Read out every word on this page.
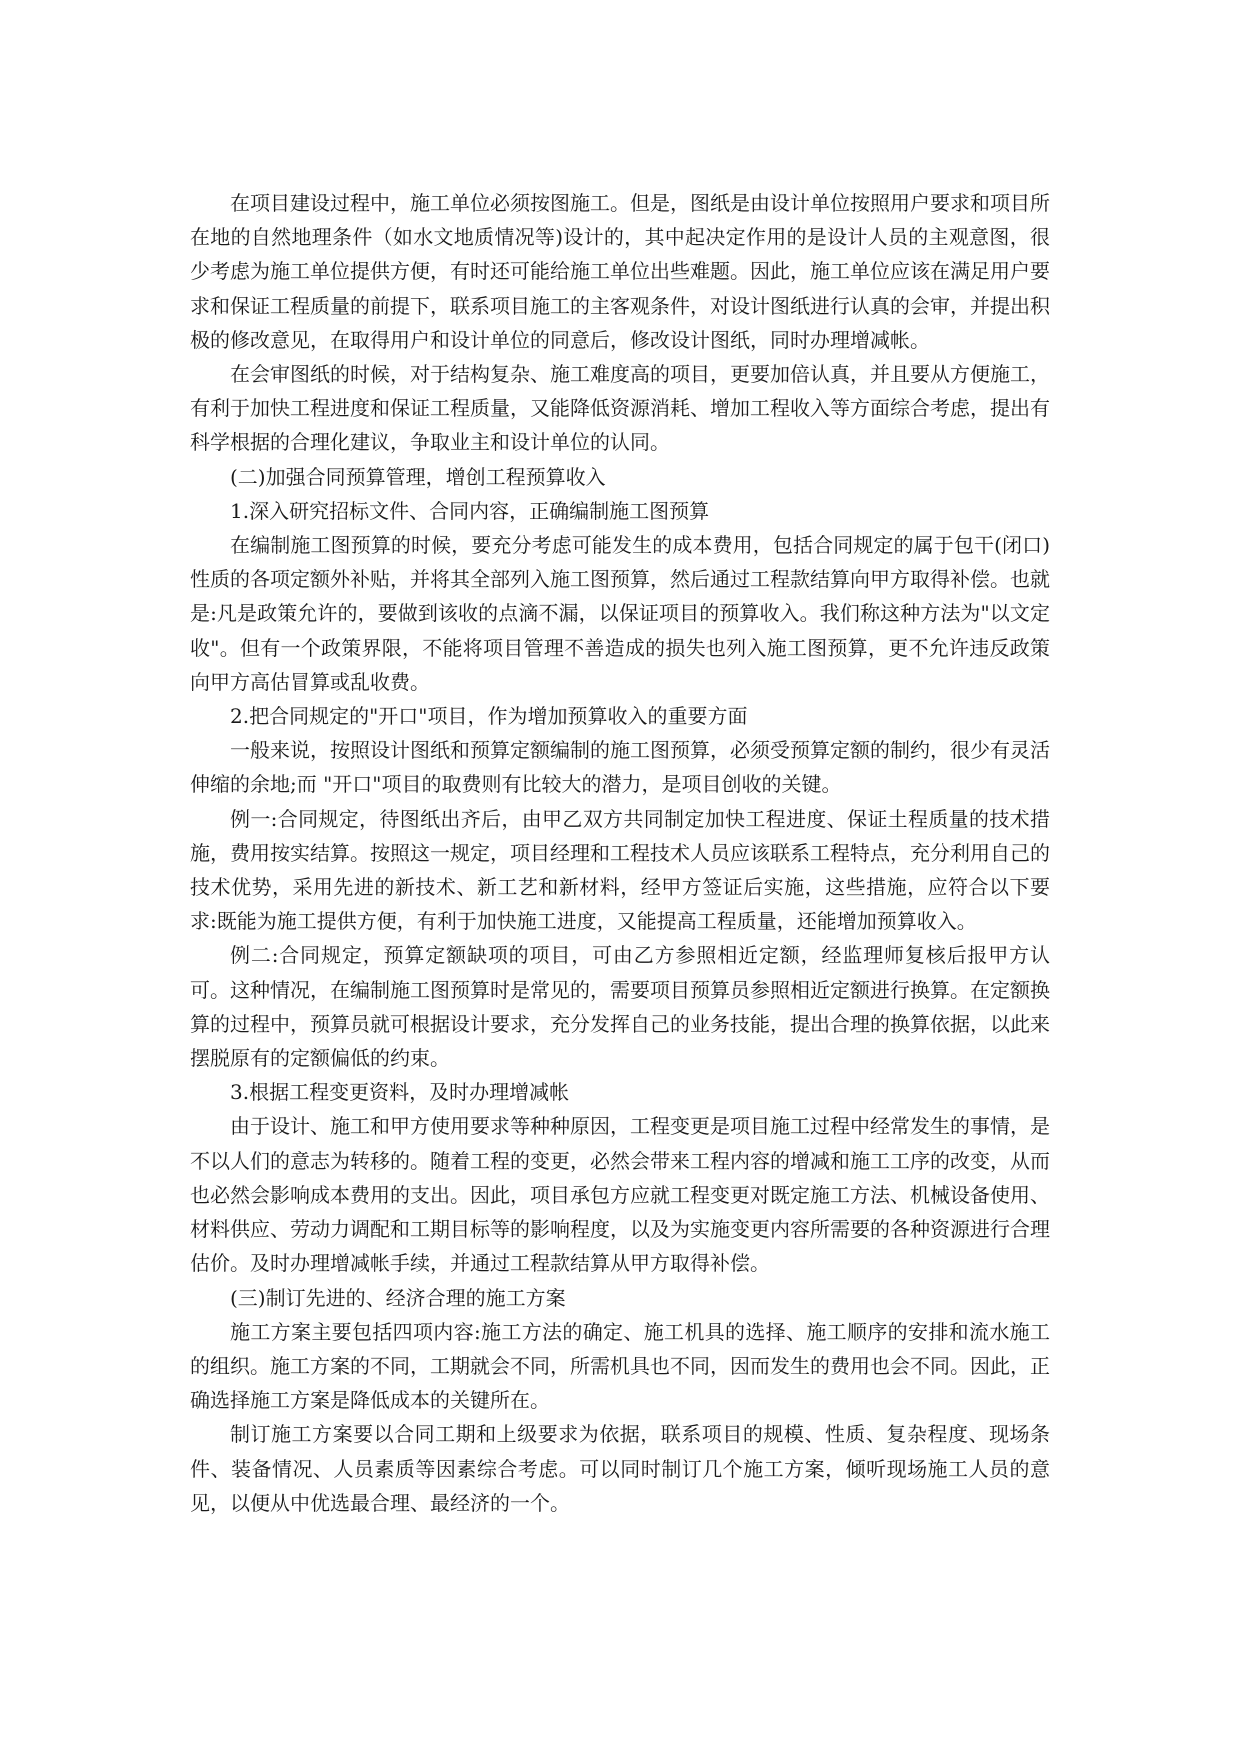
在项目建设过程中，施工单位必须按图施工。但是，图纸是由设计单位按照用户要求和项目所在地的自然地理条件（如水文地质情况等)设计的，其中起决定作用的是设计人员的主观意图，很少考虑为施工单位提供方便，有时还可能给施工单位出些难题。因此，施工单位应该在满足用户要求和保证工程质量的前提下，联系项目施工的主客观条件，对设计图纸进行认真的会审，并提出积极的修改意见，在取得用户和设计单位的同意后，修改设计图纸，同时办理增减帐。

在会审图纸的时候，对于结构复杂、施工难度高的项目，更要加倍认真，并且要从方便施工，有利于加快工程进度和保证工程质量，又能降低资源消耗、增加工程收入等方面综合考虑，提出有科学根据的合理化建议，争取业主和设计单位的认同。

(二)加强合同预算管理，增创工程预算收入

1.深入研究招标文件、合同内容，正确编制施工图预算

在编制施工图预算的时候，要充分考虑可能发生的成本费用，包括合同规定的属于包干(闭口)性质的各项定额外补贴，并将其全部列入施工图预算，然后通过工程款结算向甲方取得补偿。也就是:凡是政策允许的，要做到该收的点滴不漏，以保证项目的预算收入。我们称这种方法为"以文定收"。但有一个政策界限，不能将项目管理不善造成的损失也列入施工图预算，更不允许违反政策向甲方高估冒算或乱收费。

2.把合同规定的"开口"项目，作为增加预算收入的重要方面

一般来说，按照设计图纸和预算定额编制的施工图预算，必须受预算定额的制约，很少有灵活伸缩的余地;而 "开口"项目的取费则有比较大的潜力，是项目创收的关键。

例一:合同规定，待图纸出齐后，由甲乙双方共同制定加快工程进度、保证土程质量的技术措施，费用按实结算。按照这一规定，项目经理和工程技术人员应该联系工程特点，充分利用自己的技术优势，采用先进的新技术、新工艺和新材料，经甲方签证后实施，这些措施，应符合以下要求:既能为施工提供方便，有利于加快施工进度，又能提高工程质量，还能增加预算收入。

例二:合同规定，预算定额缺项的项目，可由乙方参照相近定额，经监理师复核后报甲方认可。这种情况，在编制施工图预算时是常见的，需要项目预算员参照相近定额进行换算。在定额换算的过程中，预算员就可根据设计要求，充分发挥自己的业务技能，提出合理的换算依据，以此来摆脱原有的定额偏低的约束。

3.根据工程变更资料，及时办理增减帐

由于设计、施工和甲方使用要求等种种原因，工程变更是项目施工过程中经常发生的事情，是不以人们的意志为转移的。随着工程的变更，必然会带来工程内容的增减和施工工序的改变，从而也必然会影响成本费用的支出。因此，项目承包方应就工程变更对既定施工方法、机械设备使用、材料供应、劳动力调配和工期目标等的影响程度，以及为实施变更内容所需要的各种资源进行合理估价。及时办理增减帐手续，并通过工程款结算从甲方取得补偿。

(三)制订先进的、经济合理的施工方案

施工方案主要包括四项内容:施工方法的确定、施工机具的选择、施工顺序的安排和流水施工的组织。施工方案的不同，工期就会不同，所需机具也不同，因而发生的费用也会不同。因此，正确选择施工方案是降低成本的关键所在。

制订施工方案要以合同工期和上级要求为依据，联系项目的规模、性质、复杂程度、现场条件、装备情况、人员素质等因素综合考虑。可以同时制订几个施工方案，倾听现场施工人员的意见，以便从中优选最合理、最经济的一个。
